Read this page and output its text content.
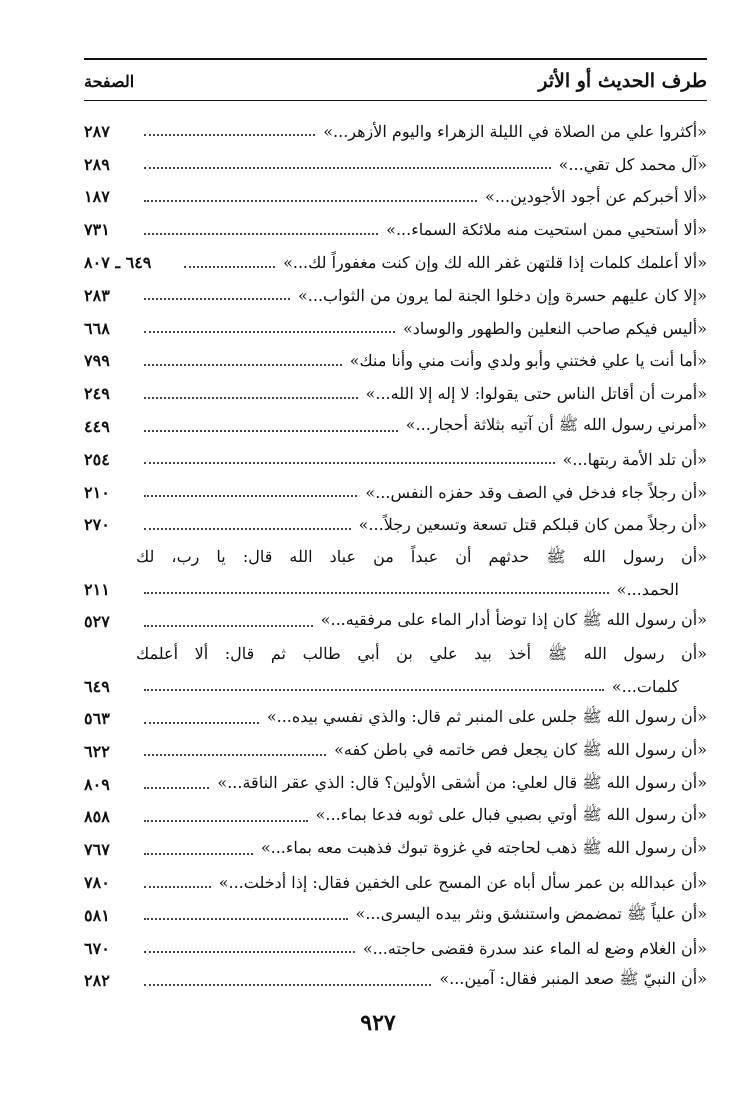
طرف الحديث أو الأثر
الصفحة
«أكثروا علي من الصلاة في الليلة الزهراء واليوم الأزهر...»
٢٨٧
«آل محمد كل تقي...»
٢٨٩
«ألا أخبركم عن أجود الأجودين...»
١٨٧
«ألا أستحيي ممن استحيت منه ملائكة السماء...»
٧٣١
«ألا أعلمك كلمات إذا قلتهن غفر الله لك وإن كنت مغفوراً لك...»
٦٤٩ ـ ٨٠٧
«إلا كان عليهم حسرة وإن دخلوا الجنة لما يرون من الثواب...»
٢٨٣
«أليس فيكم صاحب النعلين والطهور والوساد»
٦٦٨
«أما أنت يا علي فختني وأبو ولدي وأنت مني وأنا منك»
٧٩٩
«أمرت أن أقاتل الناس حتى يقولوا: لا إله إلا الله...»
٢٤٩
«أمرني رسول الله ﷺ أن آتيه بثلاثة أحجار...»
٤٤٩
«أن تلد الأمة ربتها...»
٢٥٤
«أن رجلاً جاء فدخل في الصف وقد حفزه النفس...»
٢١٠
«أن رجلاً ممن كان قبلكم قتل تسعة وتسعين رجلاً...»
٢٧٠
«أن رسول الله ﷺ حدثهم أن عبداً من عباد الله قال: يا رب، لك
الحمد...»
٢١١
«أن رسول الله ﷺ كان إذا توضأ أدار الماء على مرفقيه...»
٥٢٧
«أن رسول الله ﷺ أخذ بيد علي بن أبي طالب ثم قال: ألا أعلمك
كلمات...»
٦٤٩
«أن رسول الله ﷺ جلس على المنبر ثم قال: والذي نفسي بيده...»
٥٦٣
«أن رسول الله ﷺ كان يجعل فص خاتمه في باطن كفه»
٦٢٢
«أن رسول الله ﷺ قال لعلي: من أشقى الأولين؟ قال: الذي عقر الناقة...»
٨٠٩
«أن رسول الله ﷺ أوتي بصبي فبال على ثوبه فدعا بماء...»
٨٥٨
«أن رسول الله ﷺ ذهب لحاجته في غزوة تبوك فذهبت معه بماء...»
٧٦٧
«أن عبدالله بن عمر سأل أباه عن المسح على الخفين فقال: إذا أدخلت...»
٧٨٠
«أن علياً ﷺ تمضمض واستنشق ونثر بيده اليسرى...»
٥٨١
«أن الغلام وضع له الماء عند سدرة فقضى حاجته...»
٦٧٠
«أن النبيّ ﷺ صعد المنبر فقال: آمين...»
٢٨٢
٩٢٧
